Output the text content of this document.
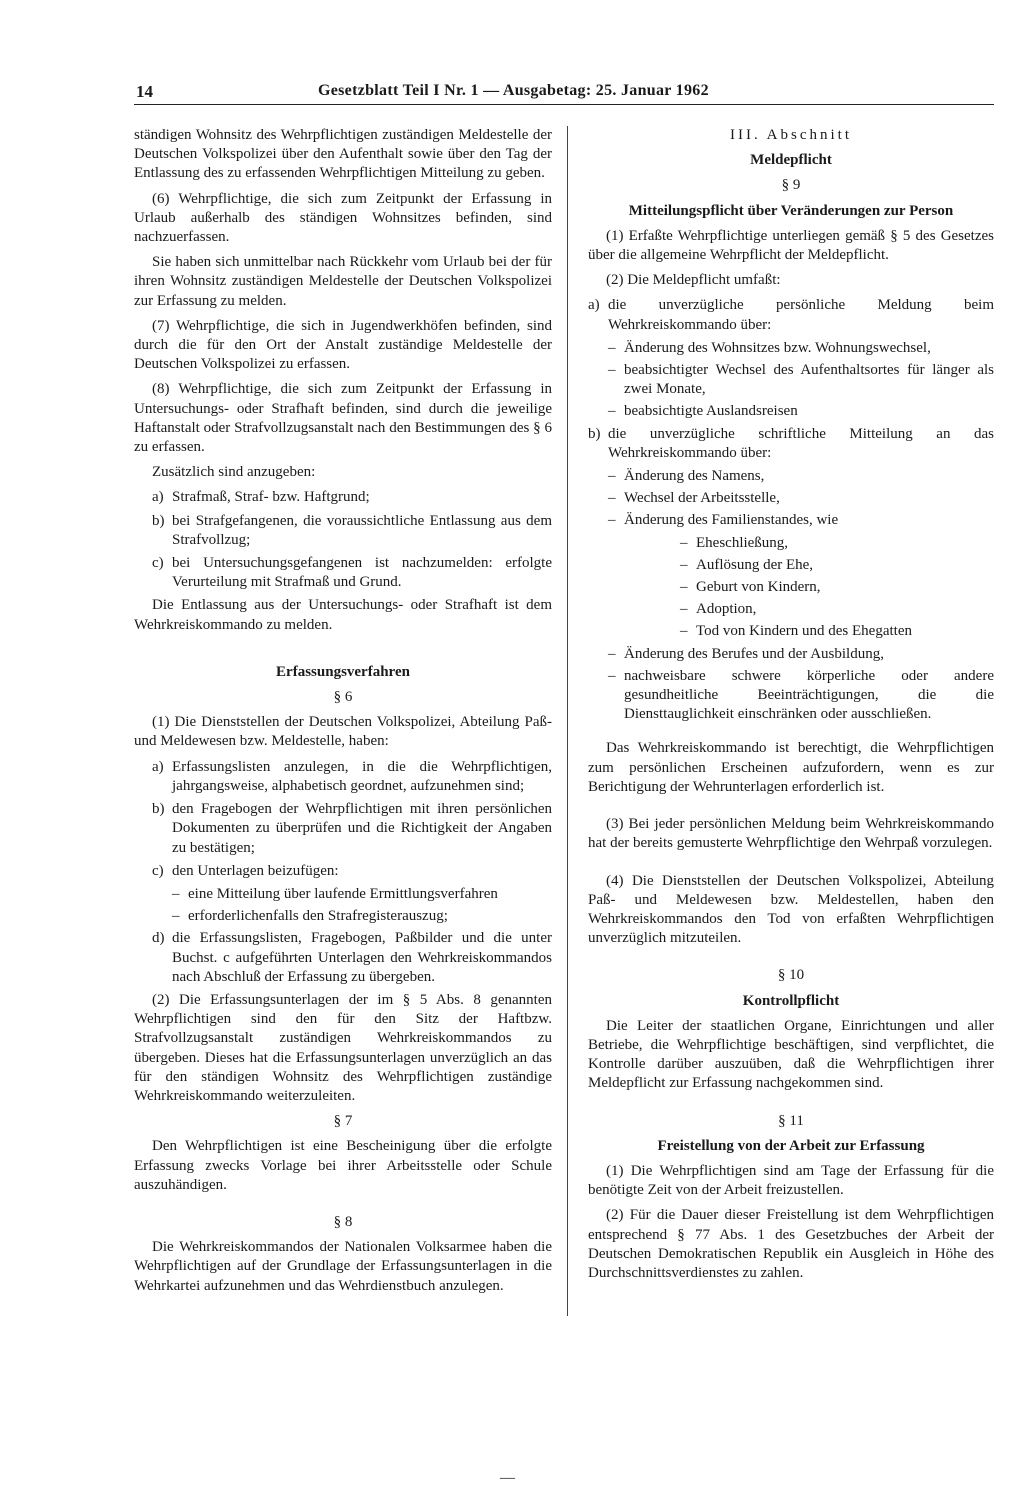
14	Gesetzblatt Teil I Nr. 1 — Ausgabetag: 25. Januar 1962

ständigen Wohnsitz des Wehrpflichtigen zuständigen Meldestelle der Deutschen Volkspolizei über den Aufenthalt sowie über den Tag der Entlassung des zu erfassenden Wehrpflichtigen Mitteilung zu geben.

(6) Wehrpflichtige, die sich zum Zeitpunkt der Erfassung in Urlaub außerhalb des ständigen Wohnsitzes befinden, sind nachzuerfassen.

Sie haben sich unmittelbar nach Rückkehr vom Urlaub bei der für ihren Wohnsitz zuständigen Meldestelle der Deutschen Volkspolizei zur Erfassung zu melden.

(7) Wehrpflichtige, die sich in Jugendwerkhöfen befinden, sind durch die für den Ort der Anstalt zuständige Meldestelle der Deutschen Volkspolizei zu erfassen.

(8) Wehrpflichtige, die sich zum Zeitpunkt der Erfassung in Untersuchungs- oder Strafhaft befinden, sind durch die jeweilige Haftanstalt oder Strafvollzugsanstalt nach den Bestimmungen des § 6 zu erfassen.

Zusätzlich sind anzugeben:

a) Strafmaß, Straf- bzw. Haftgrund;
b) bei Strafgefangenen, die voraussichtliche Entlassung aus dem Strafvollzug;
c) bei Untersuchungsgefangenen ist nachzumelden: erfolgte Verurteilung mit Strafmaß und Grund.

Die Entlassung aus der Untersuchungs- oder Strafhaft ist dem Wehrkreiskommando zu melden.

Erfassungsverfahren

§ 6

(1) Die Dienststellen der Deutschen Volkspolizei, Abteilung Paß- und Meldewesen bzw. Meldestelle, haben:

a) Erfassungslisten anzulegen, in die die Wehrpflichtigen, jahrgangsweise, alphabetisch geordnet, aufzunehmen sind;
b) den Fragebogen der Wehrpflichtigen mit ihren persönlichen Dokumenten zu überprüfen und die Richtigkeit der Angaben zu bestätigen;
c) den Unterlagen beizufügen:
– eine Mitteilung über laufende Ermittlungsverfahren
– erforderlichenfalls den Strafregisterauszug;
d) die Erfassungslisten, Fragebogen, Paßbilder und die unter Buchst. c aufgeführten Unterlagen den Wehrkreiskommandos nach Abschluß der Erfassung zu übergeben.

(2) Die Erfassungsunterlagen der im § 5 Abs. 8 genannten Wehrpflichtigen sind den für den Sitz der Haftbzw. Strafvollzugsanstalt zuständigen Wehrkreiskommandos zu übergeben. Dieses hat die Erfassungsunterlagen unverzüglich an das für den ständigen Wohnsitz des Wehrpflichtigen zuständige Wehrkreiskommando weiterzuleiten.

§ 7

Den Wehrpflichtigen ist eine Bescheinigung über die erfolgte Erfassung zwecks Vorlage bei ihrer Arbeitsstelle oder Schule auszuhändigen.

§ 8

Die Wehrkreiskommandos der Nationalen Volksarmee haben die Wehrpflichtigen auf der Grundlage der Erfassungsunterlagen in die Wehrkartei aufzunehmen und das Wehrdienstbuch anzulegen.

III. Abschnitt

Meldepflicht

§ 9

Mitteilungspflicht über Veränderungen zur Person

(1) Erfaßte Wehrpflichtige unterliegen gemäß § 5 des Gesetzes über die allgemeine Wehrpflicht der Meldepflicht.

(2) Die Meldepflicht umfaßt:

a) die unverzügliche persönliche Meldung beim Wehrkreiskommando über:
– Änderung des Wohnsitzes bzw. Wohnungswechsel,
– beabsichtigter Wechsel des Aufenthaltsortes für länger als zwei Monate,
– beabsichtigte Auslandsreisen
b) die unverzügliche schriftliche Mitteilung an das Wehrkreiskommando über:
– Änderung des Namens,
– Wechsel der Arbeitsstelle,
– Änderung des Familienstandes, wie
– Eheschließung,
– Auflösung der Ehe,
– Geburt von Kindern,
– Adoption,
– Tod von Kindern und des Ehegatten
– Änderung des Berufes und der Ausbildung,
– nachweisbare schwere körperliche oder andere gesundheitliche Beeinträchtigungen, die die Diensttauglichkeit einschränken oder ausschließen.

Das Wehrkreiskommando ist berechtigt, die Wehrpflichtigen zum persönlichen Erscheinen aufzufordern, wenn es zur Berichtigung der Wehrunterlagen erforderlich ist.

(3) Bei jeder persönlichen Meldung beim Wehrkreiskommando hat der bereits gemusterte Wehrpflichtige den Wehrpaß vorzulegen.

(4) Die Dienststellen der Deutschen Volkspolizei, Abteilung Paß- und Meldewesen bzw. Meldestellen, haben den Wehrkreiskommandos den Tod von erfaßten Wehrpflichtigen unverzüglich mitzuteilen.

§ 10

Kontrollpflicht

Die Leiter der staatlichen Organe, Einrichtungen und aller Betriebe, die Wehrpflichtige beschäftigen, sind verpflichtet, die Kontrolle darüber auszuüben, daß die Wehrpflichtigen ihrer Meldepflicht zur Erfassung nachgekommen sind.

§ 11

Freistellung von der Arbeit zur Erfassung

(1) Die Wehrpflichtigen sind am Tage der Erfassung für die benötigte Zeit von der Arbeit freizustellen.

(2) Für die Dauer dieser Freistellung ist dem Wehrpflichtigen entsprechend § 77 Abs. 1 des Gesetzbuches der Arbeit der Deutschen Demokratischen Republik ein Ausgleich in Höhe des Durchschnittsverdienstes zu zahlen.

—
